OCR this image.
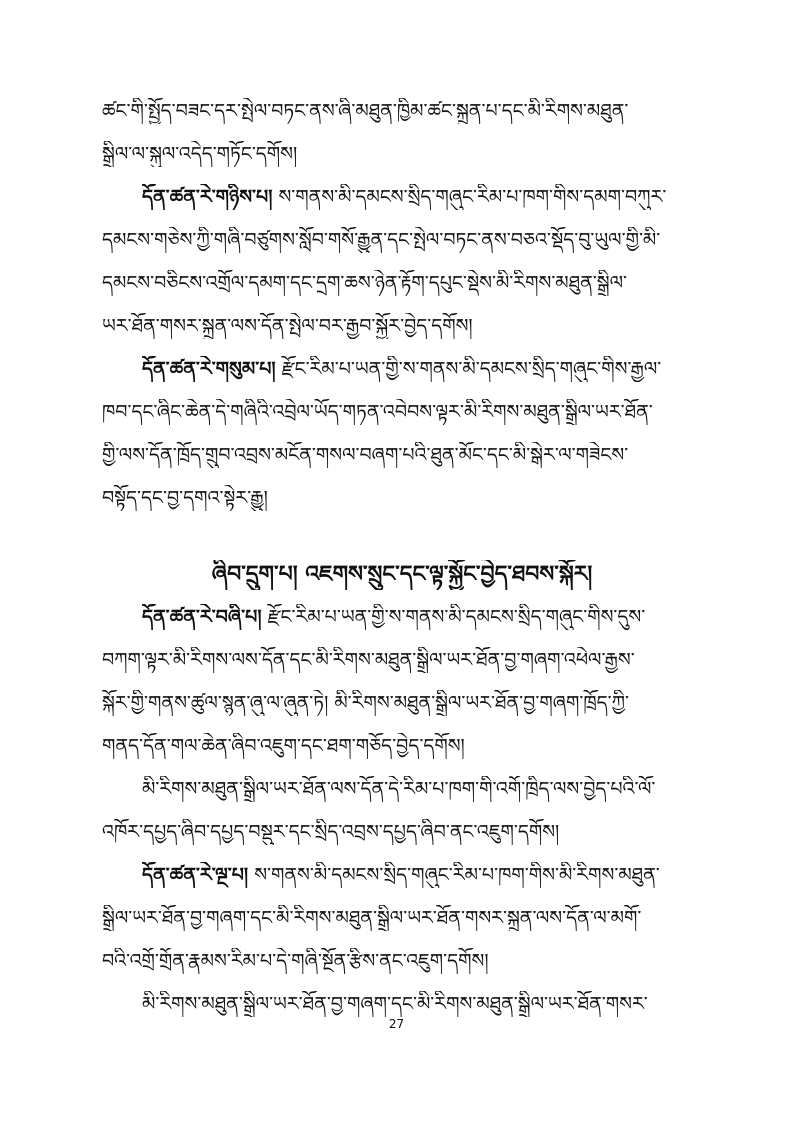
ཚང་གི་སྤྱོད་བཟང་དར་སྤེལ་བཏང་ནས་ཞི་མཐུན་ཁྱིམ་ཚང་སྐྲུན་པ་དང་མི་རིགས་མཐུན་
སྒྲིལ་ལ་སྐུལ་འདེད་གཏོང་དགོས།
དོན་ཚན་རེ་གཉིས་པ། ས་གནས་མི་དམངས་སྲིད་གཞུང་རིམ་པ་ཁག་གིས་དམག་བཀུར་
དམངས་གཅེས་ཀྱི་གཞི་བཙུགས་སློབ་གསོ་རྒྱུན་དང་སྤེལ་བཏང་ནས་བཅའ་སྡོད་བུ་ཡུལ་གྱི་མི་
དམངས་བཅིངས་འགྲོལ་དམག་དང་དྲག་ཆས་ཉེན་རྟོག་དཔུང་སྡེས་མི་རིགས་མཐུན་སྒྲིལ་
ཡར་ཐོན་གསར་སྐྲུན་ལས་དོན་སྤེལ་བར་རྒྱབ་སྐྱོར་བྱེད་དགོས།
དོན་ཚན་རེ་གསུམ་པ། རྫོང་རིམ་པ་ཡན་གྱི་ས་གནས་མི་དམངས་སྲིད་གཞུང་གིས་རྒྱལ་
ཁབ་དང་ཞིང་ཆེན་དེ་གཞིའི་འབྲེལ་ཡོད་གཏན་འབེབས་ལྟར་མི་རིགས་མཐུན་སྒྲིལ་ཡར་ཐོན་
གྱི་ལས་དོན་ཁྲོད་གྲུབ་འབྲས་མངོན་གསལ་བཞག་པའི་ཐུན་མོང་དང་མི་སྒེར་ལ་གཟེངས་
བསྟོད་དང་བྱ་དགའ་སྟེར་རྒྱུ།
ཞིབ་དྲུག་པ། འཇགས་སྲུང་དང་ལྟ་སྐྱོང་བྱེད་ཐབས་སྐོར།
དོན་ཚན་རེ་བཞི་པ། རྫོང་རིམ་པ་ཡན་གྱི་ས་གནས་མི་དམངས་སྲིད་གཞུང་གིས་དུས་
བཀག་ལྟར་མི་རིགས་ལས་དོན་དང་མི་རིགས་མཐུན་སྒྲིལ་ཡར་ཐོན་བྱ་གཞག་འཕེལ་རྒྱས་
སྐོར་གྱི་གནས་ཚུལ་སྙན་ཞུ་ལ་ཞུན་ཏེ། མི་རིགས་མཐུན་སྒྲིལ་ཡར་ཐོན་བྱ་གཞག་ཁྲོད་ཀྱི་
གནད་དོན་གལ་ཆེན་ཞིབ་འཇུག་དང་ཐག་གཅོད་བྱེད་དགོས།
མི་རིགས་མཐུན་སྒྲིལ་ཡར་ཐོན་ལས་དོན་དེ་རིམ་པ་ཁག་གི་འགོ་ཁྲིད་ལས་བྱེད་པའི་ལོ་
འཁོར་དཔྱད་ཞིབ་དཔྱད་བསྡུར་དང་སྲིད་འབྲས་དཔྱད་ཞིབ་ནང་འཇུག་དགོས།
དོན་ཚན་རེ་ལྔ་པ། ས་གནས་མི་དམངས་སྲིད་གཞུང་རིམ་པ་ཁག་གིས་མི་རིགས་མཐུན་
སྒྲིལ་ཡར་ཐོན་བྱ་གཞག་དང་མི་རིགས་མཐུན་སྒྲིལ་ཡར་ཐོན་གསར་སྐྲུན་ལས་དོན་ལ་མགོ་
བའི་འགྲོ་གྲོན་རྣམས་རིམ་པ་དེ་གཞི་སྔོན་རྩིས་ནང་འཇུག་དགོས།
མི་རིགས་མཐུན་སྒྲིལ་ཡར་ཐོན་བྱ་གཞག་དང་མི་རིགས་མཐུན་སྒྲིལ་ཡར་ཐོན་གསར་
27
